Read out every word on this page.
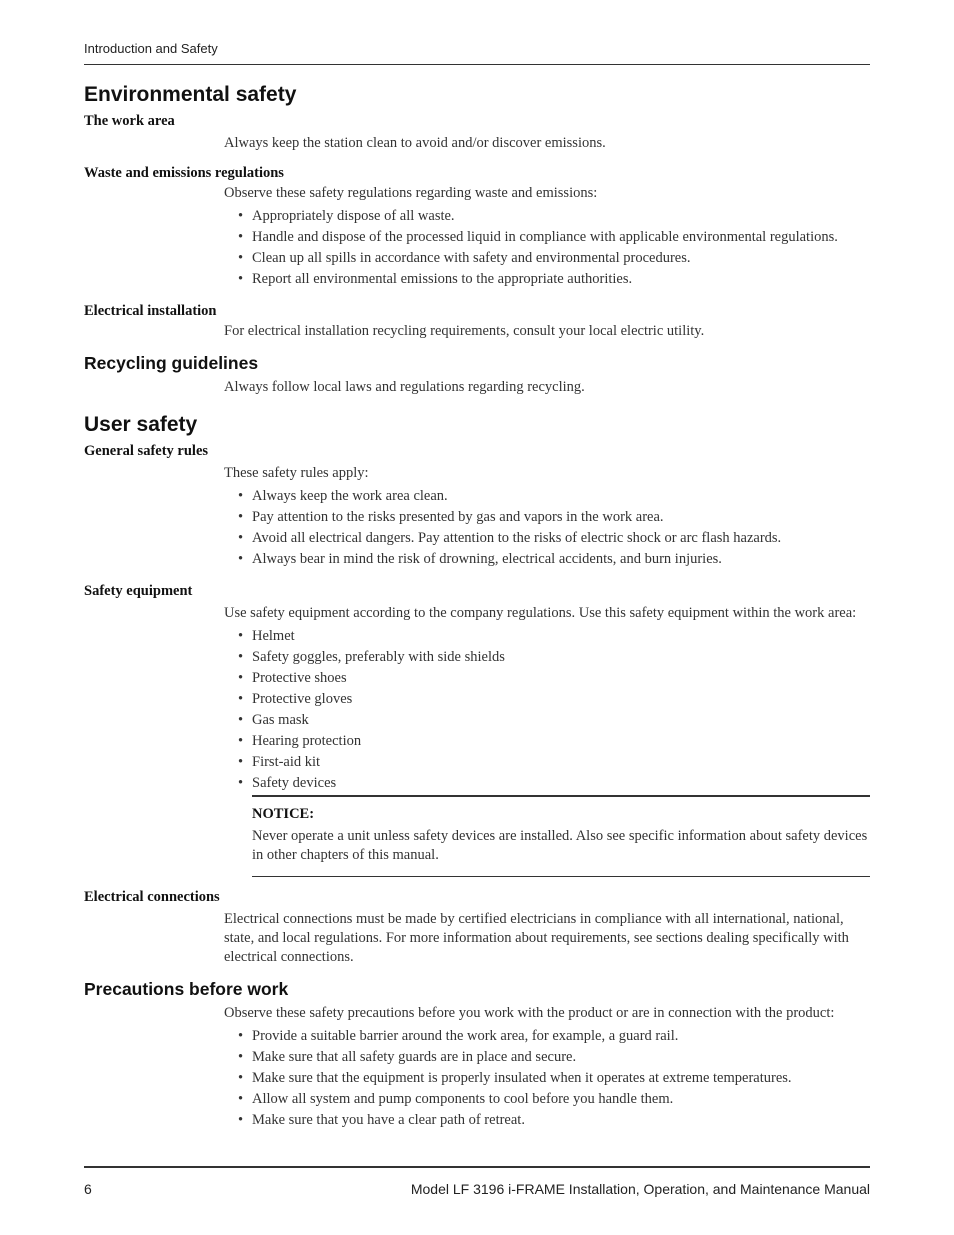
Introduction and Safety
Environmental safety
The work area

Always keep the station clean to avoid and/or discover emissions.

Waste and emissions regulations

Observe these safety regulations regarding waste and emissions:

• Appropriately dispose of all waste.
• Handle and dispose of the processed liquid in compliance with applicable environmental regulations.
• Clean up all spills in accordance with safety and environmental procedures.
• Report all environmental emissions to the appropriate authorities.
Electrical installation

For electrical installation recycling requirements, consult your local electric utility.

Recycling guidelines

Always follow local laws and regulations regarding recycling.

User safety
General safety rules

These safety rules apply:

• Always keep the work area clean.
• Pay attention to the risks presented by gas and vapors in the work area.
• Avoid all electrical dangers. Pay attention to the risks of electric shock or arc flash hazards.
• Always bear in mind the risk of drowning, electrical accidents, and burn injuries.
Safety equipment

Use safety equipment according to the company regulations. Use this safety equipment within the work area:

• Helmet
• Safety goggles, preferably with side shields
• Protective shoes
• Protective gloves
• Gas mask
• Hearing protection
• First-aid kit
• Safety devices
NOTICE:
Never operate a unit unless safety devices are installed. Also see specific information about safety devices in other chapters of this manual.
Electrical connections

Electrical connections must be made by certified electricians in compliance with all international, national, state, and local regulations. For more information about requirements, see sections dealing specifically with electrical connections.

Precautions before work

Observe these safety precautions before you work with the product or are in connection with the product:

• Provide a suitable barrier around the work area, for example, a guard rail.
• Make sure that all safety guards are in place and secure.
• Make sure that the equipment is properly insulated when it operates at extreme temperatures.
• Allow all system and pump components to cool before you handle them.
• Make sure that you have a clear path of retreat.
6	Model LF 3196 i-FRAME Installation, Operation, and Maintenance Manual
